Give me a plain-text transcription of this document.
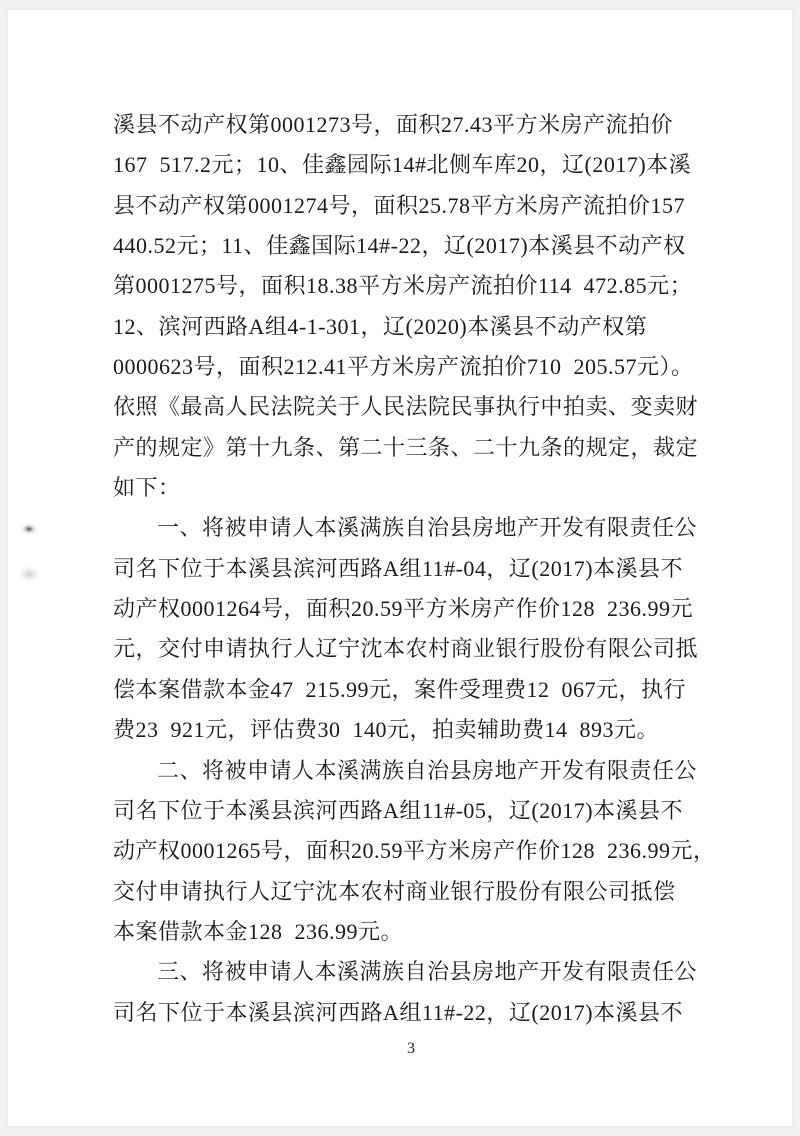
溪县不动产权第0001273号，面积27.43平方米房产流拍价
167 517.2元；10、佳鑫园际14#北侧车库20，辽(2017)本溪
县不动产权第0001274号，面积25.78平方米房产流拍价157
440.52元；11、佳鑫国际14#-22，辽(2017)本溪县不动产权
第0001275号，面积18.38平方米房产流拍价114 472.85元；
12、滨河西路A组4-1-301，辽(2020)本溪县不动产权第
0000623号，面积212.41平方米房产流拍价710 205.57元）。
依照《最高人民法院关于人民法院民事执行中拍卖、变卖财
产的规定》第十九条、第二十三条、二十九条的规定，裁定
如下：
一、将被申请人本溪满族自治县房地产开发有限责任公
司名下位于本溪县滨河西路A组11#-04，辽(2017)本溪县不
动产权0001264号，面积20.59平方米房产作价128 236.99元
元，交付申请执行人辽宁沈本农村商业银行股份有限公司抵
偿本案借款本金47 215.99元，案件受理费12 067元，执行
费23 921元，评估费30 140元，拍卖辅助费14 893元。
二、将被申请人本溪满族自治县房地产开发有限责任公
司名下位于本溪县滨河西路A组11#-05，辽(2017)本溪县不
动产权0001265号，面积20.59平方米房产作价128 236.99元，
交付申请执行人辽宁沈本农村商业银行股份有限公司抵偿
本案借款本金128 236.99元。
三、将被申请人本溪满族自治县房地产开发有限责任公
司名下位于本溪县滨河西路A组11#-22，辽(2017)本溪县不
3
